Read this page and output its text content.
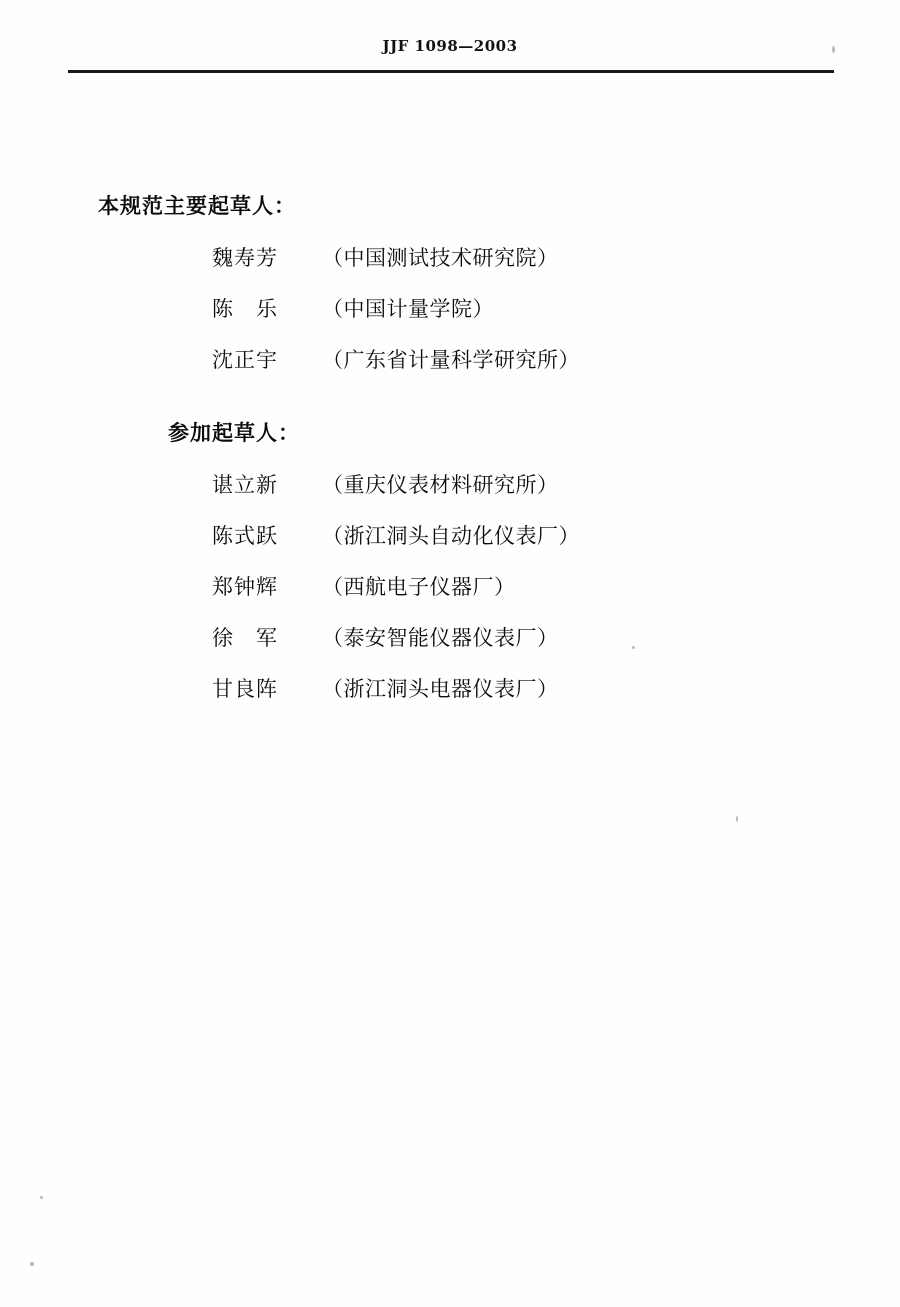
JJF 1098—2003
本规范主要起草人：
魏寿芳	（中国测试技术研究院）
陈　乐	（中国计量学院）
沈正宇	（广东省计量科学研究所）
参加起草人：
谌立新	（重庆仪表材料研究所）
陈式跃	（浙江洞头自动化仪表厂）
郑钟辉	（西航电子仪器厂）
徐　军	（泰安智能仪器仪表厂）
甘良阵	（浙江洞头电器仪表厂）
